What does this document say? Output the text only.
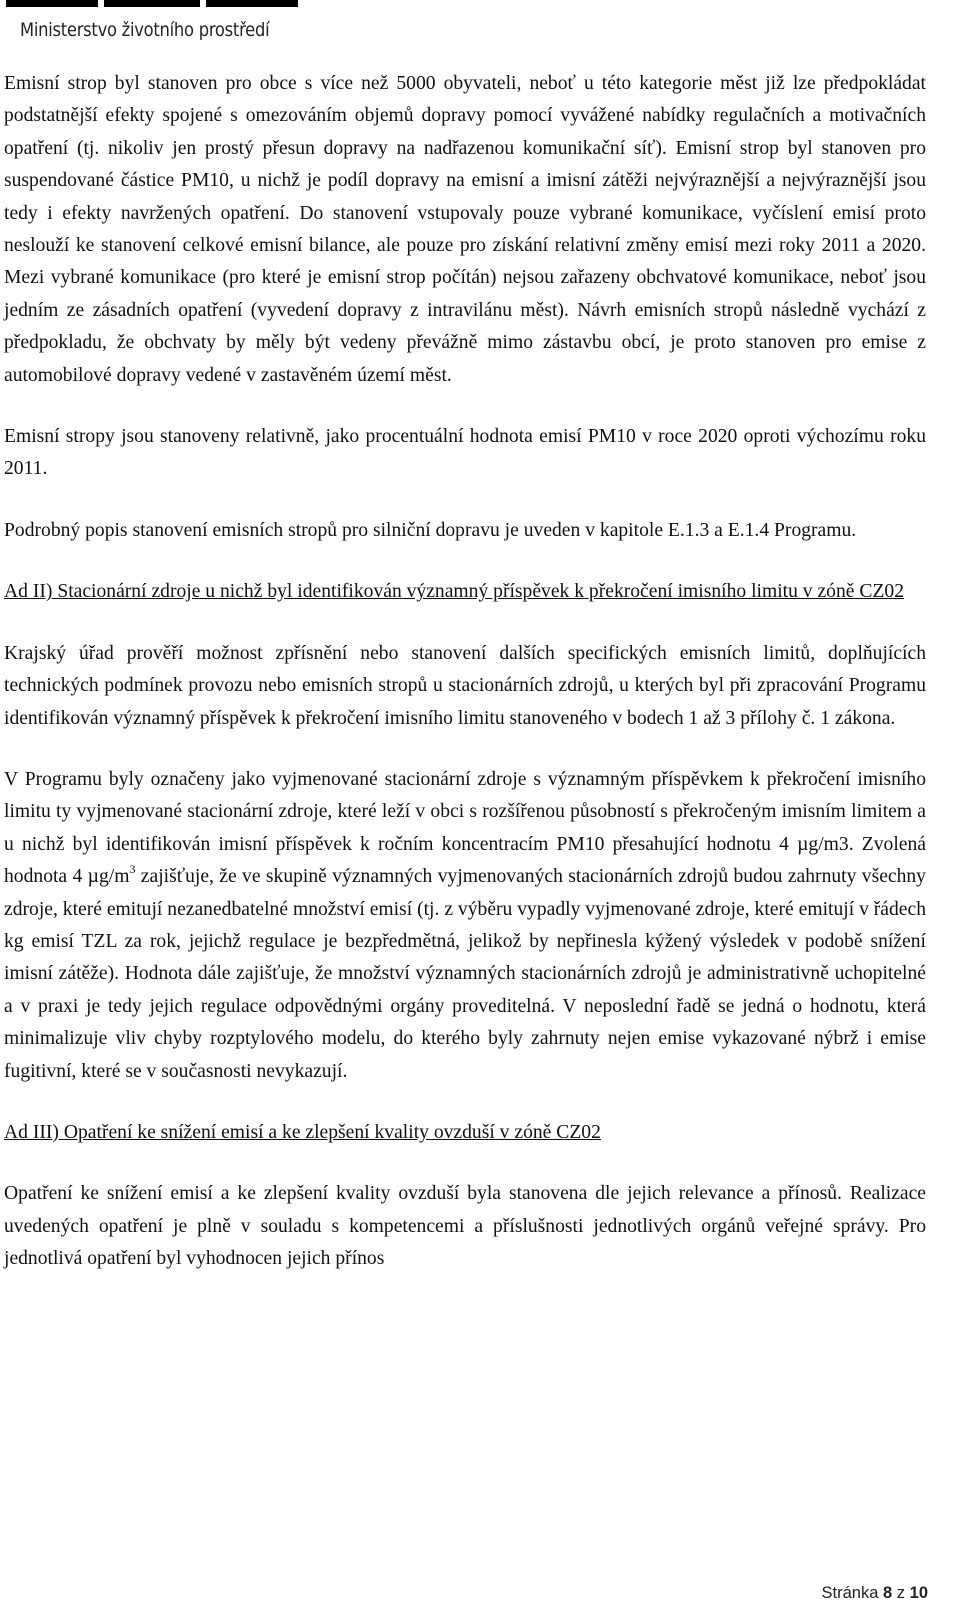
Ministerstvo životního prostředí

Emisní strop byl stanoven pro obce s více než 5000 obyvateli, neboť u této kategorie měst již lze předpokládat podstatnější efekty spojené s omezováním objemů dopravy pomocí vyvážené nabídky regulačních a motivačních opatření (tj. nikoliv jen prostý přesun dopravy na nadřazenou komunikační síť). Emisní strop byl stanoven pro suspendované částice PM10, u nichž je podíl dopravy na emisní a imisní zátěži nejvýraznější a nejvýraznější jsou tedy i efekty navržených opatření. Do stanovení vstupovaly pouze vybrané komunikace, vyčíslení emisí proto neslouží ke stanovení celkové emisní bilance, ale pouze pro získání relativní změny emisí mezi roky 2011 a 2020. Mezi vybrané komunikace (pro které je emisní strop počítán) nejsou zařazeny obchvatové komunikace, neboť jsou jedním ze zásadních opatření (vyvedení dopravy z intravilánu měst). Návrh emisních stropů následně vychází z předpokladu, že obchvaty by měly být vedeny převážně mimo zástavbu obcí, je proto stanoven pro emise z automobilové dopravy vedené v zastavěném území měst.

Emisní stropy jsou stanoveny relativně, jako procentuální hodnota emisí PM10 v roce 2020 oproti výchozímu roku 2011.

Podrobný popis stanovení emisních stropů pro silniční dopravu je uveden v kapitole E.1.3 a E.1.4 Programu.

Ad II) Stacionární zdroje u nichž byl identifikován významný příspěvek k překročení imisního limitu v zóně CZ02

Krajský úřad prověří možnost zpřísnění nebo stanovení dalších specifických emisních limitů, doplňujících technických podmínek provozu nebo emisních stropů u stacionárních zdrojů, u kterých byl při zpracování Programu identifikován významný příspěvek k překročení imisního limitu stanoveného v bodech 1 až 3 přílohy č. 1 zákona.

V Programu byly označeny jako vyjmenované stacionární zdroje s významným příspěvkem k překročení imisního limitu ty vyjmenované stacionární zdroje, které leží v obci s rozšířenou působností s překročeným imisním limitem a u nichž byl identifikován imisní příspěvek k ročním koncentracím PM10 přesahující hodnotu 4 µg/m3. Zvolená hodnota 4 $\mu g/m^3$ zajišťuje, že ve skupině významných vyjmenovaných stacionárních zdrojů budou zahrnuty všechny zdroje, které emitují nezanedbatelné množství emisí (tj. z výběru vypadly vyjmenované zdroje, které emitují v řádech kg emisí TZL za rok, jejichž regulace je bezpředmětná, jelikož by nepřinesla kýžený výsledek v podobě snížení imisní zátěže). Hodnota dále zajišťuje, že množství významných stacionárních zdrojů je administrativně uchopitelné a v praxi je tedy jejich regulace odpovědnými orgány proveditelná. V neposlední řadě se jedná o hodnotu, která minimalizuje vliv chyby rozptylového modelu, do kterého byly zahrnuty nejen emise vykazované nýbrž i emise fugitivní, které se v současnosti nevykazují.

Ad III) Opatření ke snížení emisí a ke zlepšení kvality ovzduší v zóně CZ02

Opatření ke snížení emisí a ke zlepšení kvality ovzduší byla stanovena dle jejich relevance a přínosů. Realizace uvedených opatření je plně v souladu s kompetencemi a příslušnosti jednotlivých orgánů veřejné správy. Pro jednotlivá opatření byl vyhodnocen jejich přínos

Stránka 8 z 10
